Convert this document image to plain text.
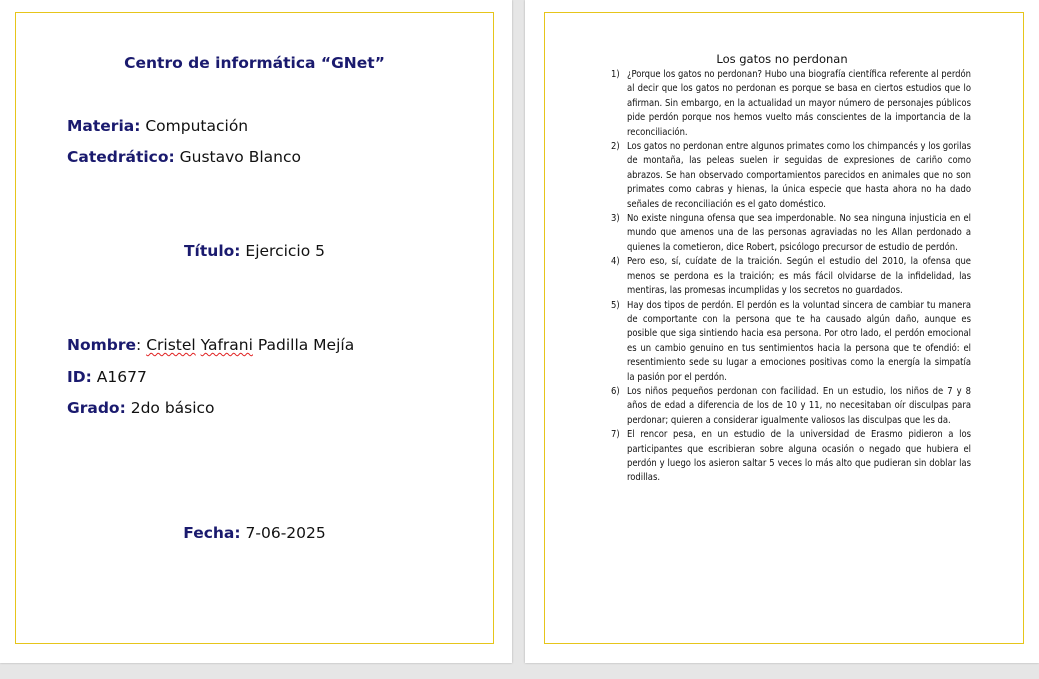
Centro de informática “GNet”
Materia: Computación
Catedrático: Gustavo Blanco
Título: Ejercicio 5
Nombre: Cristel Yafrani Padilla Mejía
ID: A1677
Grado: 2do básico
Fecha: 7-06-2025
Los gatos no perdonan
1) ¿Porque los gatos no perdonan? Hubo una biografía científica referente al perdón al decir que los gatos no perdonan es porque se basa en ciertos estudios que lo afirman. Sin embargo, en la actualidad un mayor número de personajes públicos pide perdón porque nos hemos vuelto más conscientes de la importancia de la reconciliación.
2) Los gatos no perdonan entre algunos primates como los chimpancés y los gorilas de montaña, las peleas suelen ir seguidas de expresiones de cariño como abrazos. Se han observado comportamientos parecidos en animales que no son primates como cabras y hienas, la única especie que hasta ahora no ha dado señales de reconciliación es el gato doméstico.
3) No existe ninguna ofensa que sea imperdonable. No sea ninguna injusticia en el mundo que amenos una de las personas agraviadas no les Allan perdonado a quienes la cometieron, dice Robert, psicólogo precursor de estudio de perdón.
4) Pero eso, sí, cuídate de la traición. Según el estudio del 2010, la ofensa que menos se perdona es la traición; es más fácil olvidarse de la infidelidad, las mentiras, las promesas incumplidas y los secretos no guardados.
5) Hay dos tipos de perdón. El perdón es la voluntad sincera de cambiar tu manera de comportante con la persona que te ha causado algún daño, aunque es posible que siga sintiendo hacia esa persona. Por otro lado, el perdón emocional es un cambio genuino en tus sentimientos hacia la persona que te ofendió: el resentimiento sede su lugar a emociones positivas como la energía la simpatía la pasión por el perdón.
6) Los niños pequeños perdonan con facilidad. En un estudio, los niños de 7 y 8 años de edad a diferencia de los de 10 y 11, no necesitaban oír disculpas para perdonar; quieren a considerar igualmente valiosos las disculpas que les da.
7) El rencor pesa, en un estudio de la universidad de Erasmo pidieron a los participantes que escribieran sobre alguna ocasión o negado que hubiera el perdón y luego los asieron saltar 5 veces lo más alto que pudieran sin doblar las rodillas.
